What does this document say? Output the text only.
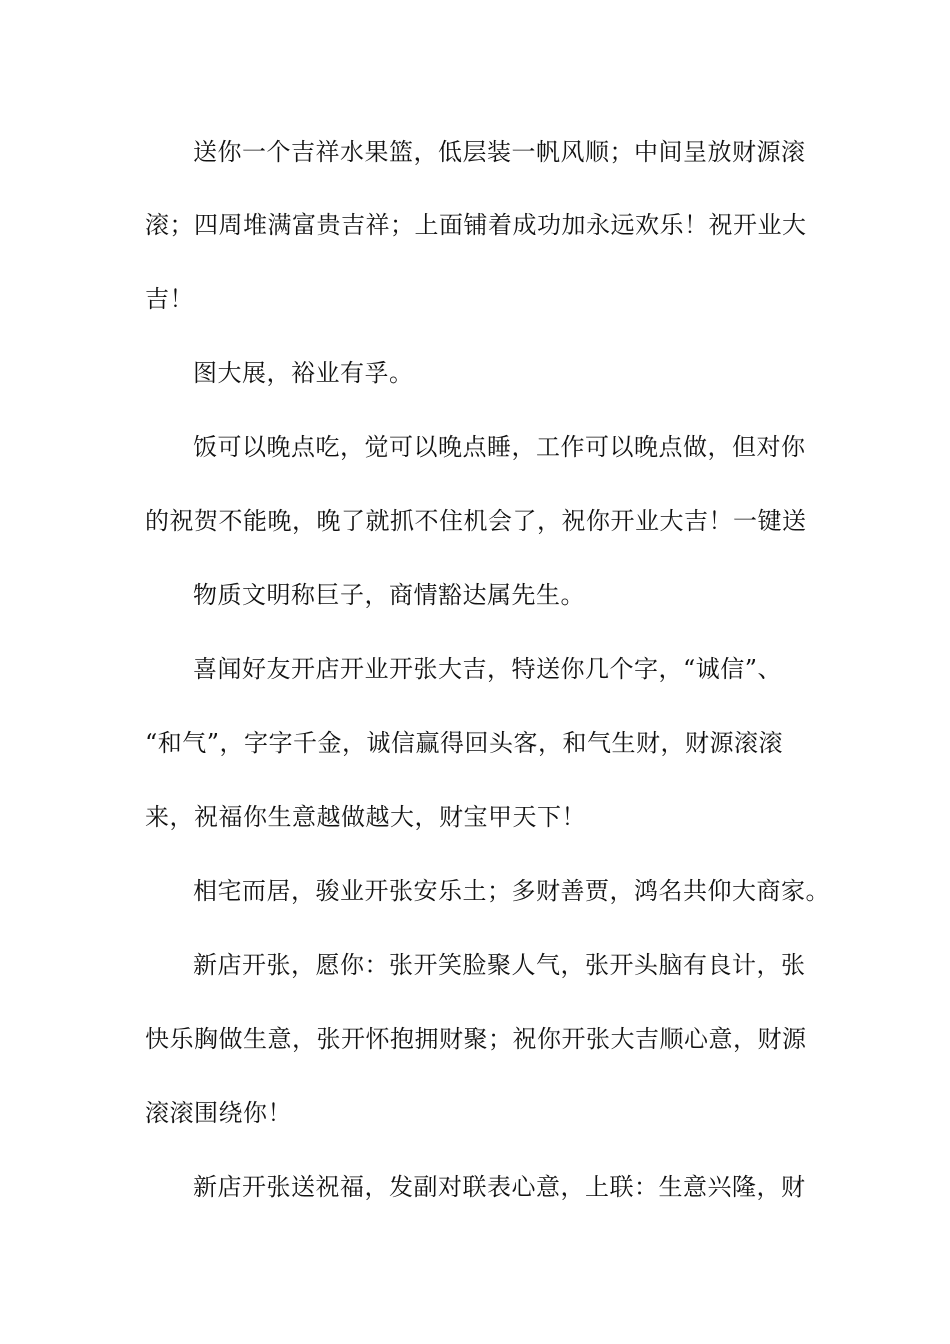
送你一个吉祥水果篮，低层装一帆风顺；中间呈放财源滚
滚；四周堆满富贵吉祥；上面铺着成功加永远欢乐！祝开业大
吉！
图大展，裕业有孚。
饭可以晚点吃，觉可以晚点睡，工作可以晚点做，但对你
的祝贺不能晚，晚了就抓不住机会了，祝你开业大吉！一键送
物质文明称巨子，商情豁达属先生。
喜闻好友开店开业开张大吉，特送你几个字，“诚信”、
“和气”，字字千金，诚信赢得回头客，和气生财，财源滚滚
来，祝福你生意越做越大，财宝甲天下！
相宅而居，骏业开张安乐土；多财善贾，鸿名共仰大商家。
新店开张，愿你：张开笑脸聚人气，张开头脑有良计，张
快乐胸做生意，张开怀抱拥财聚；祝你开张大吉顺心意，财源
滚滚围绕你！
新店开张送祝福，发副对联表心意，上联：生意兴隆，财
